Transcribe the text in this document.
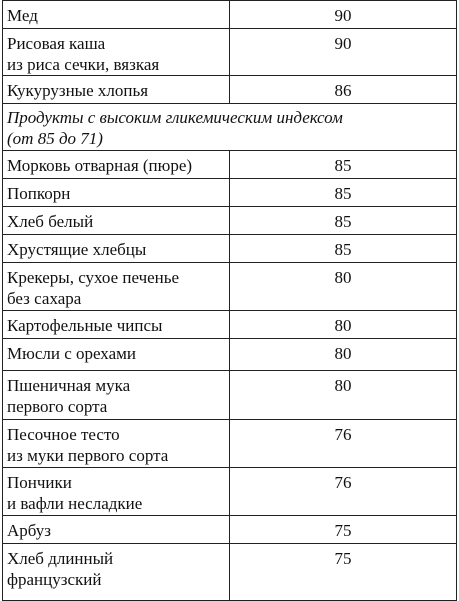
Мед	90

Рисовая каша
из риса сечки, вязкая	90

Кукурузные хлопья	86

Продукты с высоким гликемическим индексом
(от 85 до 71)	

Морковь отварная (пюре)	85

Попкорн	85

Хлеб белый	85

Хрустящие хлебцы	85

Крекеры, сухое печенье
без сахара	80

Картофельные чипсы	80

Мюсли с орехами	80

Пшеничная мука
первого сорта	80

Песочное тесто
из муки первого сорта	76

Пончики
и вафли несладкие	76

Арбуз	75

Хлеб длинный
французский	75
